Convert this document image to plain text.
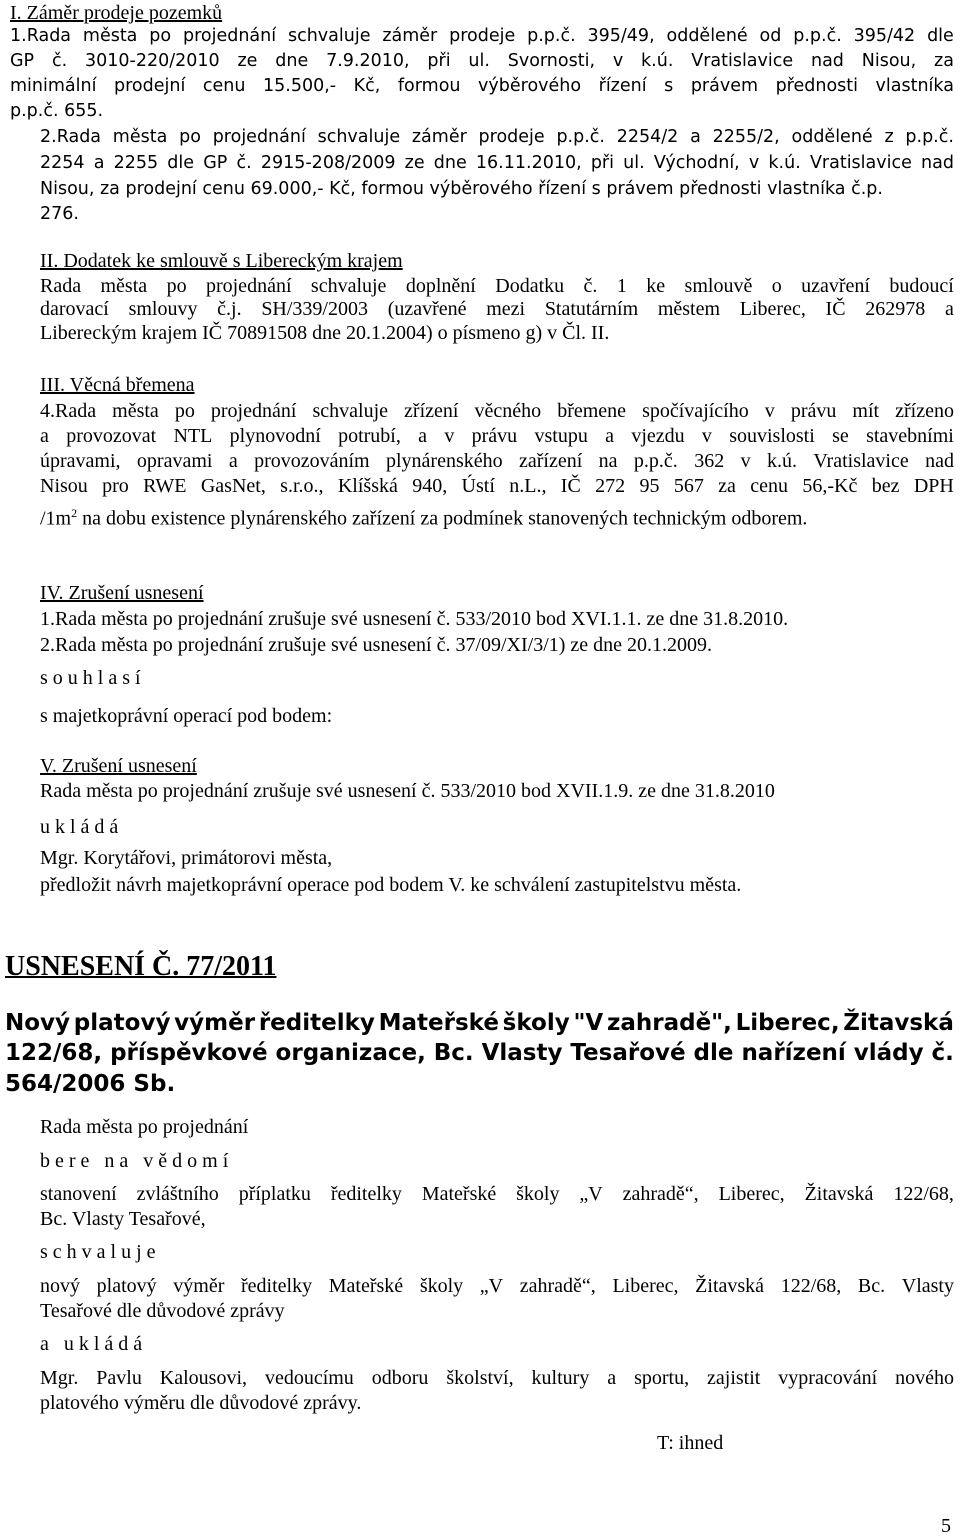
I. Záměr prodeje pozemků
1.Rada města po projednání schvaluje záměr prodeje p.p.č. 395/49, oddělené od p.p.č. 395/42 dle
GP č. 3010-220/2010 ze dne 7.9.2010, při ul. Svornosti, v k.ú. Vratislavice nad Nisou, za
minimální prodejní cenu 15.500,- Kč, formou výběrového řízení s právem přednosti vlastníka
p.p.č. 655.
2.Rada města po projednání schvaluje záměr prodeje p.p.č. 2254/2 a 2255/2, oddělené z p.p.č.
2254 a 2255 dle GP č. 2915-208/2009 ze dne 16.11.2010, při ul. Východní, v k.ú. Vratislavice nad
Nisou, za prodejní cenu 69.000,- Kč, formou výběrového řízení s právem přednosti vlastníka č.p.
276.
II. Dodatek ke smlouvě s Libereckým krajem
Rada města po projednání schvaluje doplnění Dodatku č. 1 ke smlouvě o uzavření budoucí
darovací smlouvy č.j. SH/339/2003 (uzavřené mezi Statutárním městem Liberec, IČ 262978 a
Libereckým krajem IČ 70891508 dne 20.1.2004) o písmeno g) v Čl. II.
III. Věcná břemena
4.Rada města po projednání schvaluje zřízení věcného břemene spočívajícího v právu mít zřízeno
a provozovat NTL plynovodní potrubí, a v právu vstupu a vjezdu v souvislosti se stavebními
úpravami, opravami a provozováním plynárenského zařízení na p.p.č. 362 v k.ú. Vratislavice nad
Nisou pro RWE GasNet, s.r.o., Klíšská 940, Ústí n.L., IČ 272 95 567 za cenu 56,-Kč bez DPH
$/1m^2$ na dobu existence plynárenského zařízení za podmínek stanovených technickým odborem.
IV. Zrušení usnesení
1.Rada města po projednání zrušuje své usnesení č. 533/2010 bod XVI.1.1. ze dne 31.8.2010.
2.Rada města po projednání zrušuje své usnesení č. 37/09/XI/3/1) ze dne 20.1.2009.
souhlasí
s majetkoprávní operací pod bodem:
V. Zrušení usnesení
Rada města po projednání zrušuje své usnesení č. 533/2010 bod XVII.1.9. ze dne 31.8.2010
ukládá
Mgr. Korytářovi, primátorovi města,
předložit návrh majetkoprávní operace pod bodem V. ke schválení zastupitelstvu města.
USNESENÍ Č. 77/2011
Nový platový výměr ředitelky Mateřské školy "V zahradě", Liberec, Žitavská
122/68, příspěvkové organizace, Bc. Vlasty Tesařové dle nařízení vlády č.
564/2006 Sb.
Rada města po projednání
bere na vědomí
stanovení zvláštního příplatku ředitelky Mateřské školy „V zahradě“, Liberec, Žitavská 122/68,
Bc. Vlasty Tesařové,
schvaluje
nový platový výměr ředitelky Mateřské školy „V zahradě“, Liberec, Žitavská 122/68, Bc. Vlasty
Tesařové dle důvodové zprávy
a ukládá
Mgr. Pavlu Kalousovi, vedoucímu odboru školství, kultury a sportu, zajistit vypracování nového
platového výměru dle důvodové zprávy.
T: ihned
5
